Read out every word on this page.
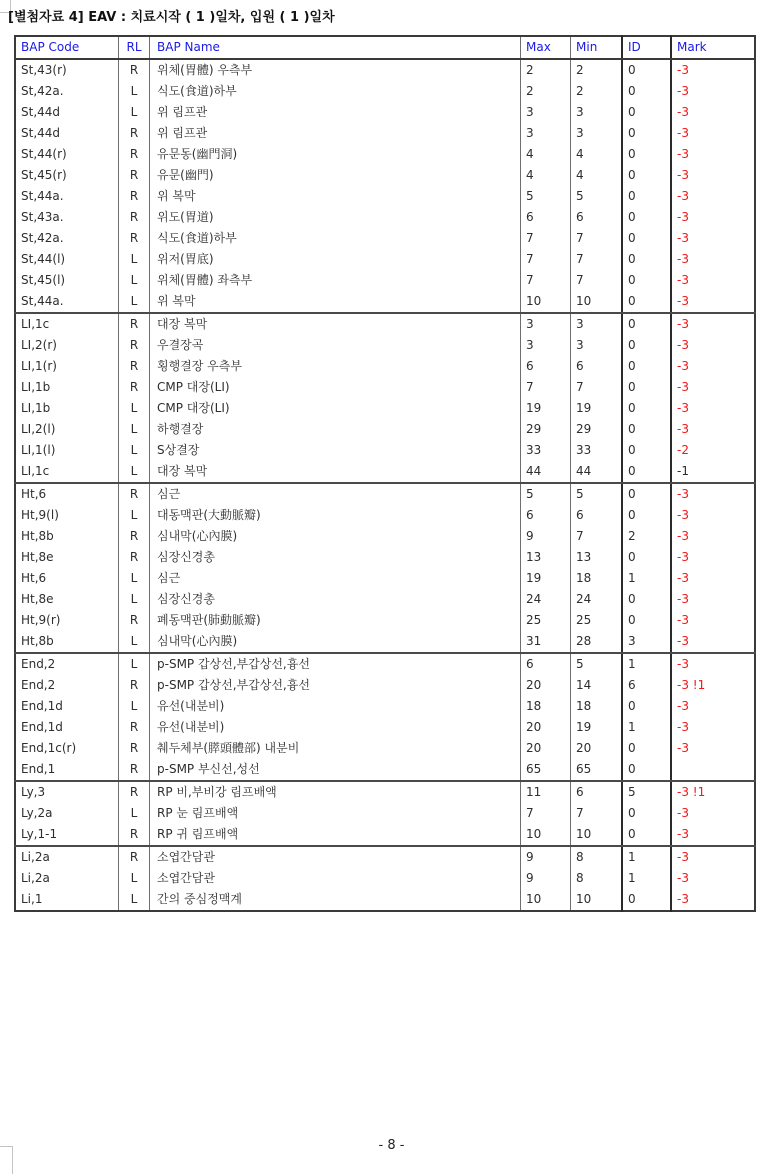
[별첨자료 4] EAV : 치료시작 ( 1 )일차, 입원 ( 1 )일차
BAP Code	RL	BAP Name	Max	Min	ID	Mark
St,43(r)	R	위체(胃體) 우측부	2	2	0	-3
St,42a.	L	식도(食道)하부	2	2	0	-3
St,44d	L	위 림프관	3	3	0	-3
St,44d	R	위 림프관	3	3	0	-3
St,44(r)	R	유문동(幽門洞)	4	4	0	-3
St,45(r)	R	유문(幽門)	4	4	0	-3
St,44a.	R	위 복막	5	5	0	-3
St,43a.	R	위도(胃道)	6	6	0	-3
St,42a.	R	식도(食道)하부	7	7	0	-3
St,44(l)	L	위저(胃底)	7	7	0	-3
St,45(l)	L	위체(胃體) 좌측부	7	7	0	-3
St,44a.	L	위 복막	10	10	0	-3
LI,1c	R	대장 복막	3	3	0	-3
LI,2(r)	R	우결장곡	3	3	0	-3
LI,1(r)	R	횡행결장 우측부	6	6	0	-3
LI,1b	R	CMP 대장(LI)	7	7	0	-3
LI,1b	L	CMP 대장(LI)	19	19	0	-3
LI,2(l)	L	하행결장	29	29	0	-3
LI,1(l)	L	S상결장	33	33	0	-2
LI,1c	L	대장 복막	44	44	0	-1
Ht,6	R	심근	5	5	0	-3
Ht,9(l)	L	대동맥판(大動脈瓣)	6	6	0	-3
Ht,8b	R	심내막(心內膜)	9	7	2	-3
Ht,8e	R	심장신경총	13	13	0	-3
Ht,6	L	심근	19	18	1	-3
Ht,8e	L	심장신경총	24	24	0	-3
Ht,9(r)	R	폐동맥판(肺動脈瓣)	25	25	0	-3
Ht,8b	L	심내막(心內膜)	31	28	3	-3
End,2	L	p-SMP 갑상선,부갑상선,흉선	6	5	1	-3
End,2	R	p-SMP 갑상선,부갑상선,흉선	20	14	6	-3 !1
End,1d	L	유선(내분비)	18	18	0	-3
End,1d	R	유선(내분비)	20	19	1	-3
End,1c(r)	R	췌두체부(膵頭體部) 내분비	20	20	0	-3
End,1	R	p-SMP 부신선,성선	65	65	0	
Ly,3	R	RP 비,부비강 림프배액	11	6	5	-3 !1
Ly,2a	L	RP 눈 림프배액	7	7	0	-3
Ly,1-1	R	RP 귀 림프배액	10	10	0	-3
Li,2a	R	소엽간담관	9	8	1	-3
Li,2a	L	소엽간담관	9	8	1	-3
Li,1	L	간의 중심정맥계	10	10	0	-3
- 8 -
